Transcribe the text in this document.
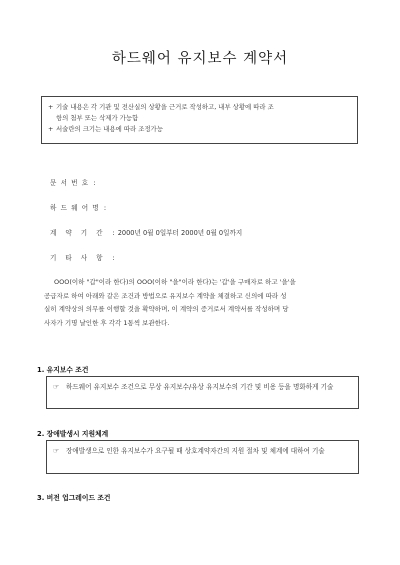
하드웨어 유지보수 계약서
+ 기술 내용은 각 기관 및 전산실의 상황을 근거로 작성하고, 내부 상황에 따라 조
항의 첨부 또는 삭제가 가능함
+ 서술란의 크기는 내용에 따라 조정가능
문서번호:
하드웨어명:
계약기간: 2000년 0월 0일부터 2000년 0월 0일까지
기타사항:
OOO(이하 "갑"이라 한다)의 OOO(이하 "을"이라 한다)는 '갑'을 구매자로 하고 '을'을
공급자로 하여 아래와 같은 조건과 방법으로 유지보수 계약을 체결하고 신의에 따라 성
실히 계약상의 의무를 이행할 것을 확약하며, 이 계약의 증거로서 계약서를 작성하며 당
사자가 기명 날인한 후 각각 1통씩 보관한다.
1. 유지보수 조건
☞	하드웨어 유지보수 조건으로 무상 유지보수/유상 유지보수의 기간 및 비용 등을 명화하게 기술
2. 장애발생시 지원체계
☞	장애발생으로 인한 유지보수가 요구될 때 상호계약자간의 지원 절차 및 체계에 대하여 기술
3. 버전 업그레이드 조건
